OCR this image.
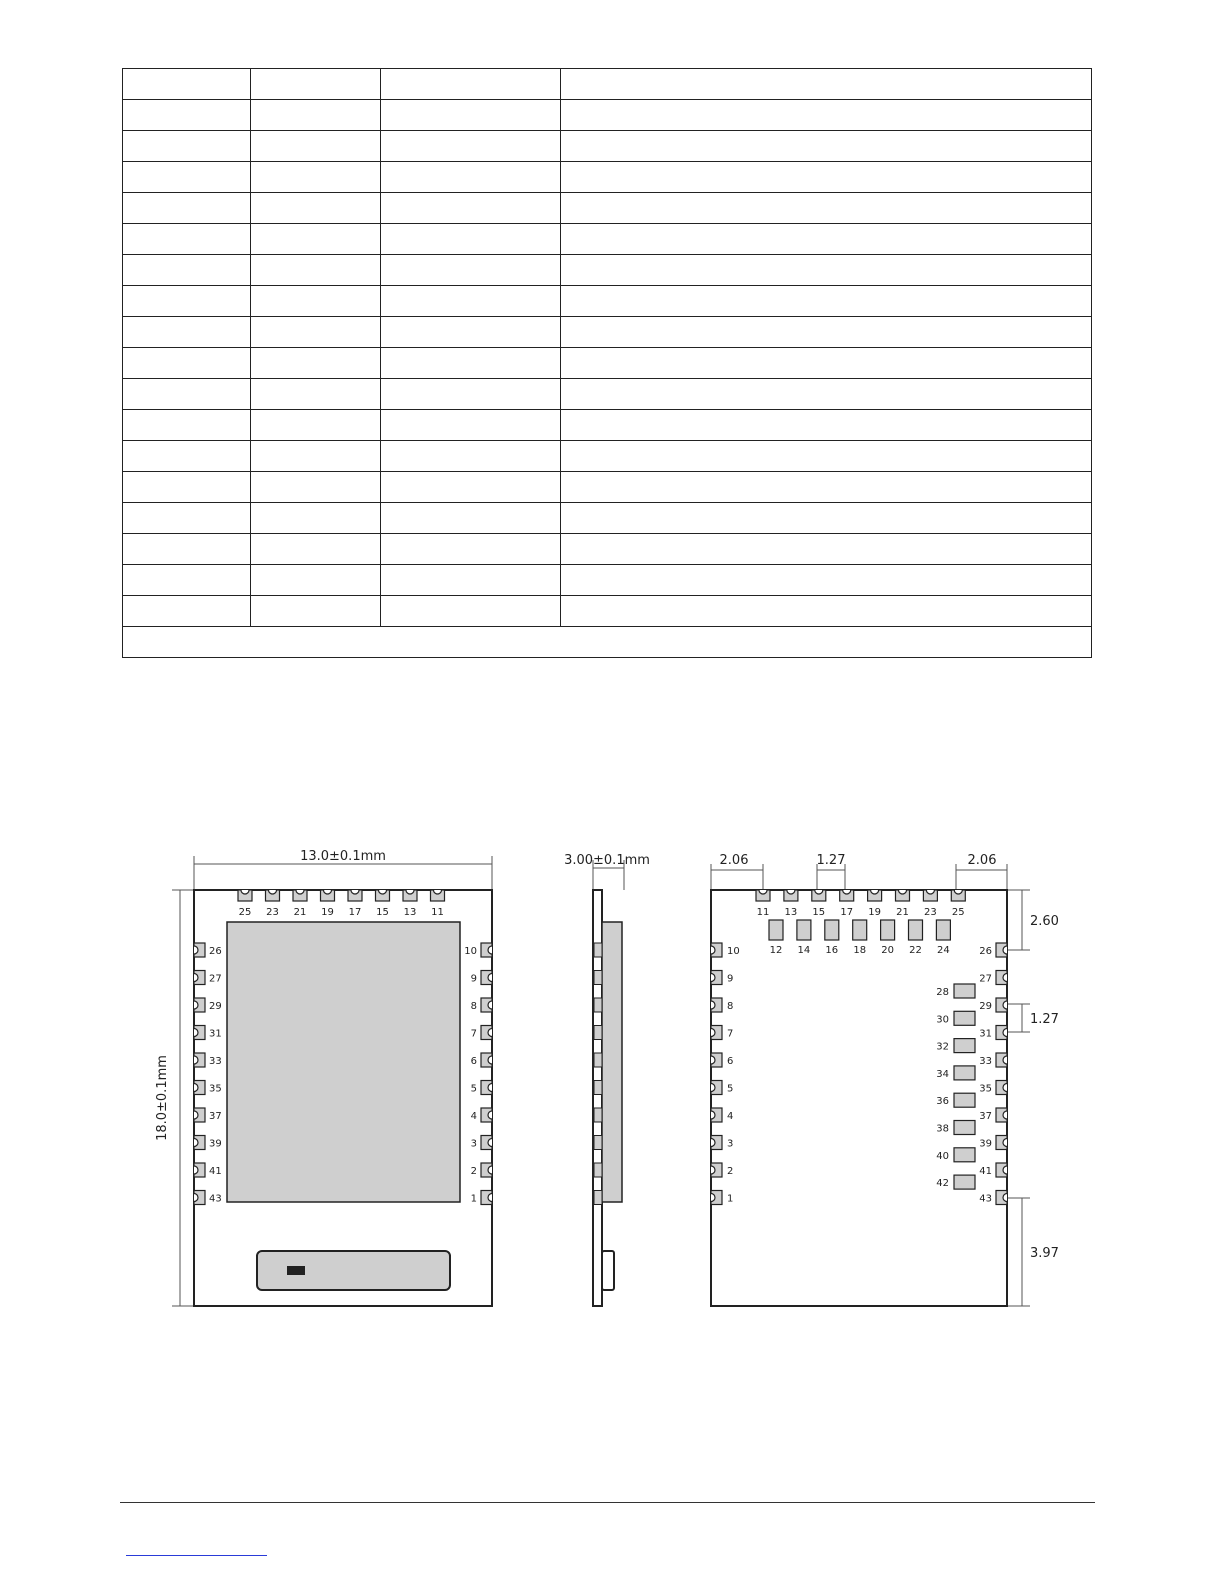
13.0±0.1mm
18.0±0.1mm
25 23 21 19 17 15 13 11
26
27
29
31
33
35
37
39
41
43
10
9
8
7
6
5
4
3
2
1
3.00±0.1mm	2.06	1.27	2.06
2.60
1.27
3.97
11 13 15 17 19 21 23 25
12 14 16 18 20 22 24
10
9
8
7
6
5
4
3
2
1
26
27
29
31
33
35
37
39
41
43
28
30
32
34
36
38
40
42
